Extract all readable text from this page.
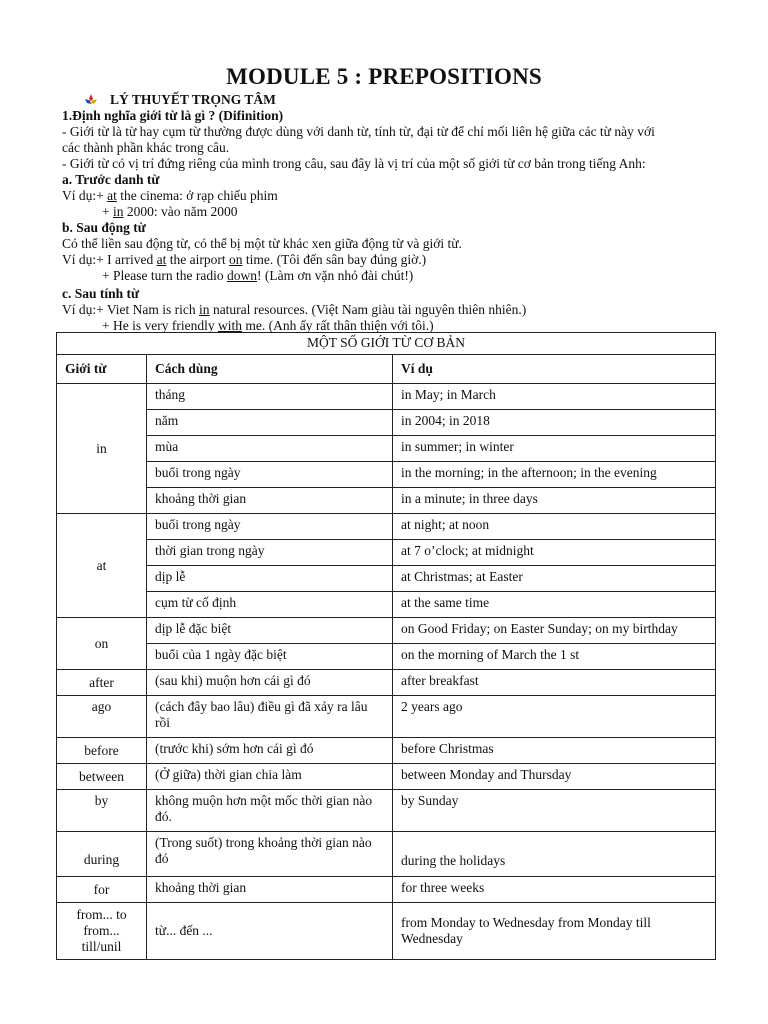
MODULE 5 : PREPOSITIONS
LÝ THUYẾT TRỌNG TÂM
1.Định nghĩa giới từ là gì ? (Difinition)
- Giới từ là từ hay cụm từ thường được dùng với danh từ, tính từ, đại từ để chỉ mối liên hệ giữa các từ này với
các thành phần khác trong câu.
- Giới từ có vị trí đứng riêng của mình trong câu, sau đây là vị trí của một số giới từ cơ bản trong tiếng Anh:
a. Trước danh từ
Ví dụ:+ at the cinema: ở rạp chiếu phim
+ in 2000: vào năm 2000
b. Sau động từ
Có thể liền sau động từ, có thể bị một từ khác xen giữa động từ và giới từ.
Ví dụ:+ I arrived at the airport on time. (Tôi đến sân bay đúng giờ.)
+ Please turn the radio down! (Làm ơn vặn nhỏ đài chút!)
c. Sau tính từ
Ví dụ:+ Viet Nam is rich in natural resources. (Việt Nam giàu tài nguyên thiên nhiên.)
+ He is very friendly with me. (Anh ấy rất thân thiện với tôi.)
MỘT SỐ GIỚI TỪ CƠ BẢN		
Giới từ	Cách dùng	Ví dụ
in	tháng	in May; in March
	năm	in 2004; in 2018
	mùa	in summer; in winter
	buổi trong ngày	in the morning; in the afternoon; in the evening
	khoảng thời gian	in a minute; in three days
at	buổi trong ngày	at night; at noon
	thời gian trong ngày	at 7 o’clock; at midnight
	dịp lễ	at Christmas; at Easter
	cụm từ cố định	at the same time
on	dịp lễ đặc biệt	on Good Friday; on Easter Sunday; on my birthday
	buổi của 1 ngày đặc biệt	on the morning of March the 1 st
after	(sau khi) muộn hơn cái gì đó	after breakfast
ago	(cách đây bao lâu) điều gì đã xảy ra lâu rồi	2 years ago
before	(trước khi) sớm hơn cái gì đó	before Christmas
between	(Ở giữa) thời gian chia làm	between Monday and Thursday
by	không muộn hơn một mốc thời gian nào đó.	by Sunday
during	(Trong suốt) trong khoảng thời gian nào đó	during the holidays
for	khoảng thời gian	for three weeks
from... to from... till/unil	từ... đến ...	from Monday to Wednesday from Monday till Wednesday
